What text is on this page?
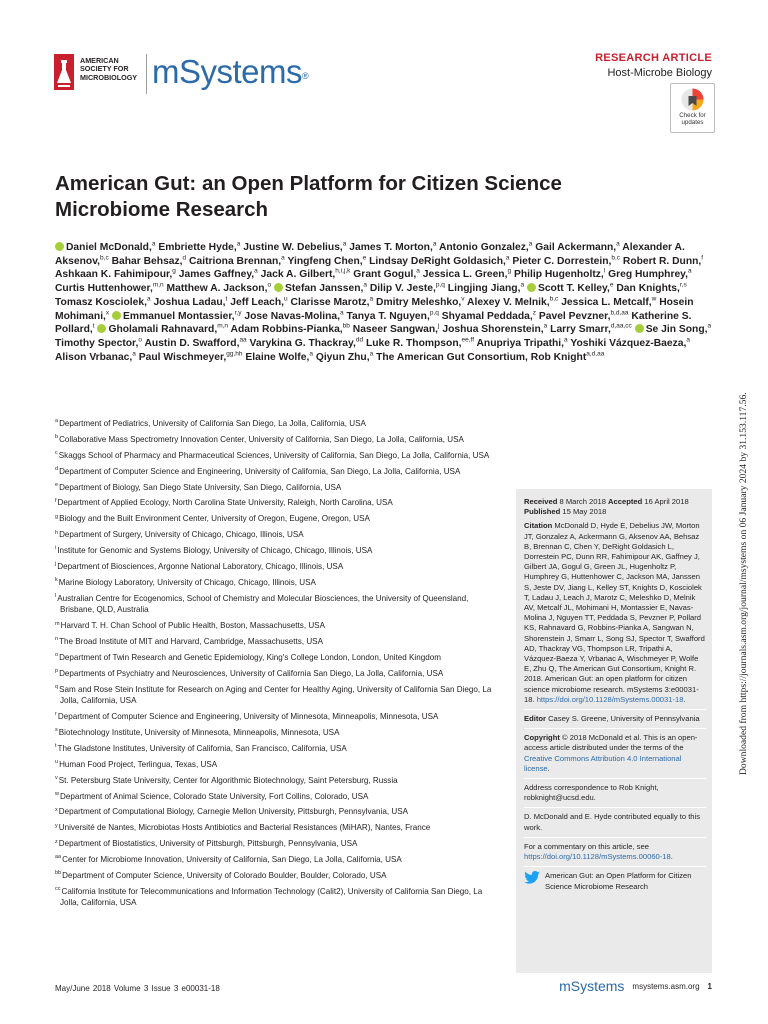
AMERICAN
SOCIETY FOR
MICROBIOLOGY mSystems®
RESEARCH ARTICLE
Host-Microbe Biology
Check for updates
American Gut: an Open Platform for Citizen Science
Microbiome Research
Daniel McDonald,$^a$ Embriette Hyde,$^a$ Justine W. Debelius,$^a$ James T. Morton,$^a$ Antonio Gonzalez,$^a$ Gail Ackermann,$^a$ Alexander A. Aksenov,$^{b,c}$ Bahar Behsaz,$^d$ Caitriona Brennan,$^a$ Yingfeng Chen,$^e$ Lindsay DeRight Goldasich,$^a$ Pieter C. Dorrestein,$^{b,c}$ Robert R. Dunn,$^f$ Ashkaan K. Fahimipour,$^g$ James Gaffney,$^a$ Jack A. Gilbert,$^{h,i,j,k}$ Grant Gogul,$^a$ Jessica L. Green,$^g$ Philip Hugenholtz,$^l$ Greg Humphrey,$^a$ Curtis Huttenhower,$^{m,n}$ Matthew A. Jackson,$^o$ Stefan Janssen,$^a$ Dilip V. Jeste,$^{p,q}$ Lingjing Jiang,$^a$ Scott T. Kelley,$^e$ Dan Knights,$^{r,s}$ Tomasz Kosciolek,$^a$ Joshua Ladau,$^t$ Jeff Leach,$^u$ Clarisse Marotz,$^a$ Dmitry Meleshko,$^v$ Alexey V. Melnik,$^{b,c}$ Jessica L. Metcalf,$^w$ Hosein Mohimani,$^x$ Emmanuel Montassier,$^{r,y}$ Jose Navas-Molina,$^a$ Tanya T. Nguyen,$^{p,q}$ Shyamal Peddada,$^z$ Pavel Pevzner,$^{b,d,aa}$ Katherine S. Pollard,$^t$ Gholamali Rahnavard,$^{m,n}$ Adam Robbins-Pianka,$^{bb}$ Naseer Sangwan,$^j$ Joshua Shorenstein,$^a$ Larry Smarr,$^{d,aa,cc}$ Se Jin Song,$^a$ Timothy Spector,$^o$ Austin D. Swafford,$^{aa}$ Varykina G. Thackray,$^{dd}$ Luke R. Thompson,$^{ee,ff}$ Anupriya Tripathi,$^a$ Yoshiki Vázquez-Baeza,$^a$ Alison Vrbanac,$^a$ Paul Wischmeyer,$^{gg,hh}$ Elaine Wolfe,$^a$ Qiyun Zhu,$^a$ The American Gut Consortium, Rob Knight$^{a,d,aa}$
$^a$Department of Pediatrics, University of California San Diego, La Jolla, California, USA
$^b$Collaborative Mass Spectrometry Innovation Center, University of California, San Diego, La Jolla, California, USA
$^c$Skaggs School of Pharmacy and Pharmaceutical Sciences, University of California, San Diego, La Jolla, California, USA
$^d$Department of Computer Science and Engineering, University of California, San Diego, La Jolla, California, USA
$^e$Department of Biology, San Diego State University, San Diego, California, USA
$^f$Department of Applied Ecology, North Carolina State University, Raleigh, North Carolina, USA
$^g$Biology and the Built Environment Center, University of Oregon, Eugene, Oregon, USA
$^h$Department of Surgery, University of Chicago, Chicago, Illinois, USA
$^i$Institute for Genomic and Systems Biology, University of Chicago, Chicago, Illinois, USA
$^j$Department of Biosciences, Argonne National Laboratory, Chicago, Illinois, USA
$^k$Marine Biology Laboratory, University of Chicago, Chicago, Illinois, USA
$^l$Australian Centre for Ecogenomics, School of Chemistry and Molecular Biosciences, the University of Queensland, Brisbane, QLD, Australia
$^m$Harvard T. H. Chan School of Public Health, Boston, Massachusetts, USA
$^n$The Broad Institute of MIT and Harvard, Cambridge, Massachusetts, USA
$^o$Department of Twin Research and Genetic Epidemiology, King's College London, London, United Kingdom
$^p$Departments of Psychiatry and Neurosciences, University of California San Diego, La Jolla, California, USA
$^q$Sam and Rose Stein Institute for Research on Aging and Center for Healthy Aging, University of California San Diego, La Jolla, California, USA
$^r$Department of Computer Science and Engineering, University of Minnesota, Minneapolis, Minnesota, USA
$^s$Biotechnology Institute, University of Minnesota, Minneapolis, Minnesota, USA
$^t$The Gladstone Institutes, University of California, San Francisco, California, USA
$^u$Human Food Project, Terlingua, Texas, USA
$^v$St. Petersburg State University, Center for Algorithmic Biotechnology, Saint Petersburg, Russia
$^w$Department of Animal Science, Colorado State University, Fort Collins, Colorado, USA
$^x$Department of Computational Biology, Carnegie Mellon University, Pittsburgh, Pennsylvania, USA
$^y$Université de Nantes, Microbiotas Hosts Antibiotics and Bacterial Resistances (MiHAR), Nantes, France
$^z$Department of Biostatistics, University of Pittsburgh, Pittsburgh, Pennsylvania, USA
$^{aa}$Center for Microbiome Innovation, University of California, San Diego, La Jolla, California, USA
$^{bb}$Department of Computer Science, University of Colorado Boulder, Boulder, Colorado, USA
$^{cc}$California Institute for Telecommunications and Information Technology (Calit2), University of California San Diego, La Jolla, California, USA

Received 8 March 2018 Accepted 16 April 2018 Published 15 May 2018

Citation McDonald D, Hyde E, Debelius JW, Morton JT, Gonzalez A, Ackermann G, Aksenov AA, Behsaz B, Brennan C, Chen Y, DeRight Goldasich L, Dorrestein PC, Dunn RR, Fahimipour AK, Gaffney J, Gilbert JA, Gogul G, Green JL, Hugenholtz P, Humphrey G, Huttenhower C, Jackson MA, Janssen S, Jeste DV, Jiang L, Kelley ST, Knights D, Kosciolek T, Ladau J, Leach J, Marotz C, Meleshko D, Melnik AV, Metcalf JL, Mohimani H, Montassier E, Navas-Molina J, Nguyen TT, Peddada S, Pevzner P, Pollard KS, Rahnavard G, Robbins-Pianka A, Sangwan N, Shorenstein J, Smarr L, Song SJ, Spector T, Swafford AD, Thackray VG, Thompson LR, Tripathi A, Vázquez-Baeza Y, Vrbanac A, Wischmeyer P, Wolfe E, Zhu Q, The American Gut Consortium, Knight R. 2018. American Gut: an open platform for citizen science microbiome research. mSystems 3:e00031-18. https://doi.org/10.1128/mSystems.00031-18.

Editor Casey S. Greene, University of Pennsylvania

Copyright © 2018 McDonald et al. This is an open-access article distributed under the terms of the Creative Commons Attribution 4.0 International license.

Address correspondence to Rob Knight, robknight@ucsd.edu.

D. McDonald and E. Hyde contributed equally to this work.

For a commentary on this article, see https://doi.org/10.1128/mSystems.00060-18.

American Gut: an Open Platform for Citizen Science Microbiome Research
May/June 2018 Volume 3 Issue 3 e00031-18	mSystems msystems.asm.org 1
Downloaded from https://journals.asm.org/journal/msystems on 06 January 2024 by 31.153.117.56.
